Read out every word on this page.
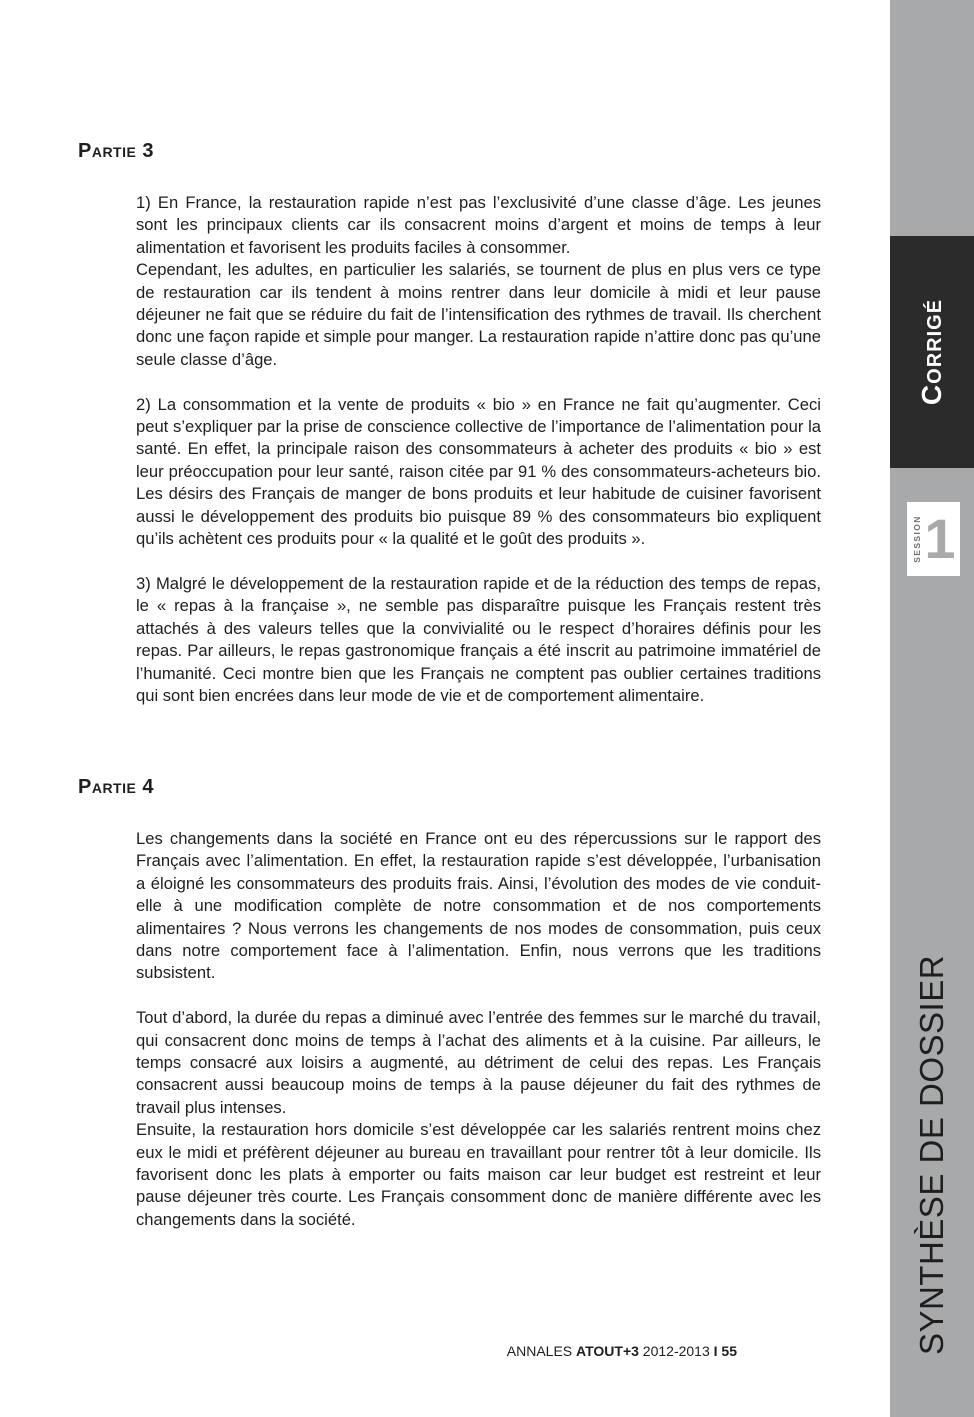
Partie 3

1) En France, la restauration rapide n’est pas l’exclusivité d’une classe d’âge. Les jeunes sont les principaux clients car ils consacrent moins d’argent et moins de temps à leur alimentation et favorisent les produits faciles à consommer.

Cependant, les adultes, en particulier les salariés, se tournent de plus en plus vers ce type de restauration car ils tendent à moins rentrer dans leur domicile à midi et leur pause déjeuner ne fait que se réduire du fait de l’intensification des rythmes de travail. Ils cherchent donc une façon rapide et simple pour manger. La restauration rapide n’attire donc pas qu’une seule classe d’âge.

2) La consommation et la vente de produits « bio » en France ne fait qu’augmenter. Ceci peut s’expliquer par la prise de conscience collective de l’importance de l’alimentation pour la santé. En effet, la principale raison des consommateurs à acheter des produits « bio » est leur préoccupation pour leur santé, raison citée par 91 % des consommateurs-acheteurs bio. Les désirs des Français de manger de bons produits et leur habitude de cuisiner favorisent aussi le développement des produits bio puisque 89 % des consommateurs bio expliquent qu’ils achètent ces produits pour « la qualité et le goût des produits ».

3) Malgré le développement de la restauration rapide et de la réduction des temps de repas, le « repas à la française », ne semble pas disparaître puisque les Français restent très attachés à des valeurs telles que la convivialité ou le respect d’horaires définis pour les repas. Par ailleurs, le repas gastronomique français a été inscrit au patrimoine immatériel de l’humanité. Ceci montre bien que les Français ne comptent pas oublier certaines traditions qui sont bien encrées dans leur mode de vie et de comportement alimentaire.

Partie 4

Les changements dans la société en France ont eu des répercussions sur le rapport des Français avec l’alimentation. En effet, la restauration rapide s’est développée, l’urbanisation a éloigné les consommateurs des produits frais. Ainsi, l’évolution des modes de vie conduit-elle à une modification complète de notre consommation et de nos comportements alimentaires ? Nous verrons les changements de nos modes de consommation, puis ceux dans notre comportement face à l’alimentation. Enfin, nous verrons que les traditions subsistent.

Tout d’abord, la durée du repas a diminué avec l’entrée des femmes sur le marché du travail, qui consacrent donc moins de temps à l’achat des aliments et à la cuisine. Par ailleurs, le temps consacré aux loisirs a augmenté, au détriment de celui des repas. Les Français consacrent aussi beaucoup moins de temps à la pause déjeuner du fait des rythmes de travail plus intenses.

Ensuite, la restauration hors domicile s’est développée car les salariés rentrent moins chez eux le midi et préfèrent déjeuner au bureau en travaillant pour rentrer tôt à leur domicile. Ils favorisent donc les plats à emporter ou faits maison car leur budget est restreint et leur pause déjeuner très courte. Les Français consomment donc de manière différente avec les changements dans la société.

ANNALES ATOUT+3 2012-2013 I 55
Corrigé
SESSION 1
SYNTHÈSE DE DOSSIER
